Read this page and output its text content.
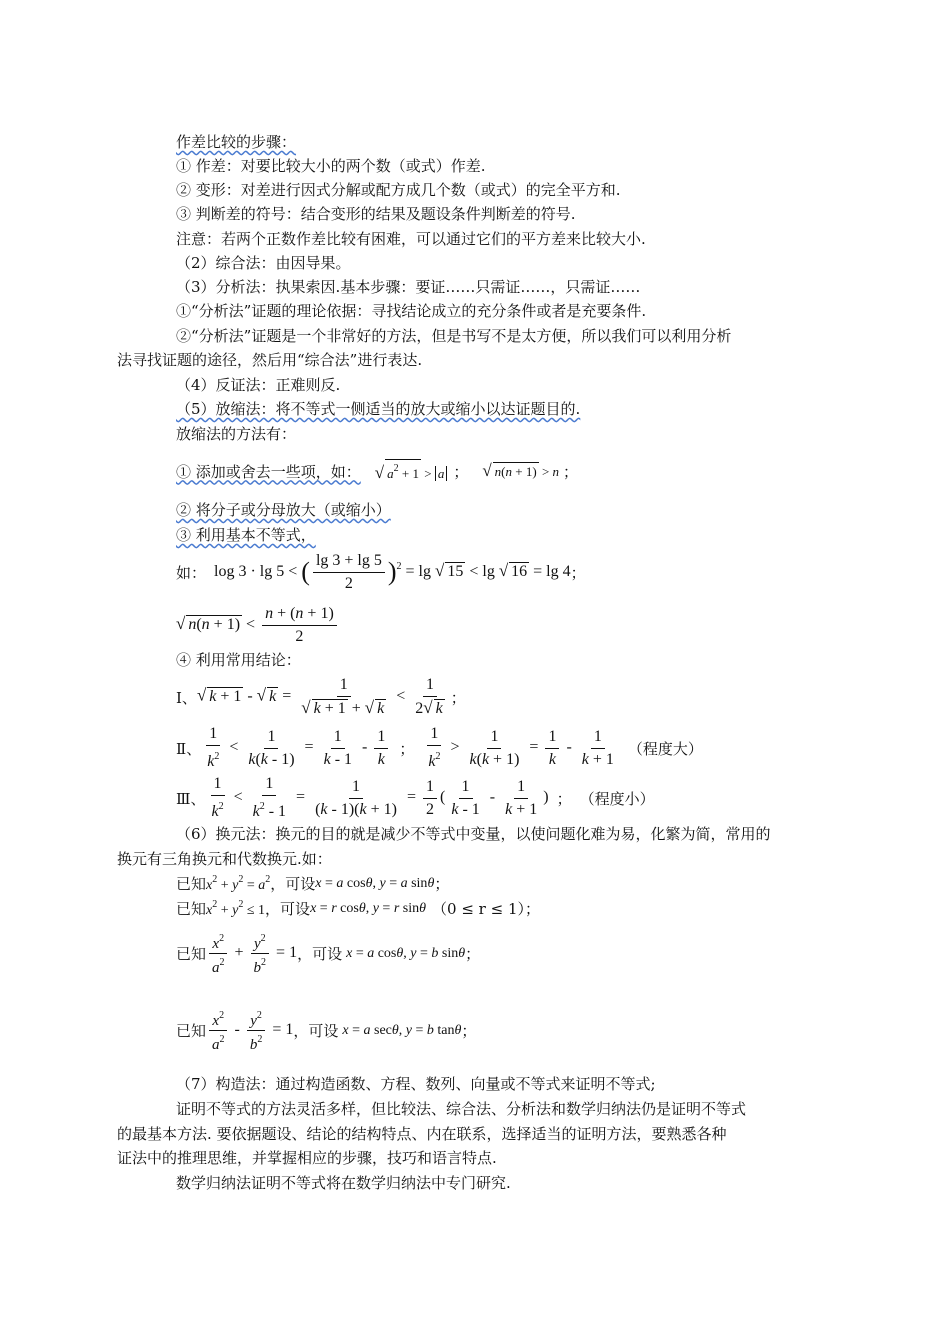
作差比较的步骤：
① 作差：对要比较大小的两个数（或式）作差.
② 变形：对差进行因式分解或配方成几个数（或式）的完全平方和.
③ 判断差的符号：结合变形的结果及题设条件判断差的符号.
注意：若两个正数作差比较有困难，可以通过它们的平方差来比较大小.
（2）综合法：由因导果。
（3）分析法：执果索因.基本步骤：要证……只需证……，只需证……
①“分析法”证题的理论依据：寻找结论成立的充分条件或者是充要条件.
②“分析法”证题是一个非常好的方法，但是书写不是太方便，所以我们可以利用分析
法寻找证题的途径，然后用“综合法”进行表达.
（4）反证法：正难则反.
（5）放缩法：将不等式一侧适当的放大或缩小以达证题目的.
放缩法的方法有：
① 添加或舍去一些项，如： √ $a^2 + 1 > a$ ； √ n(n + 1) > n ；
② 将分子或分母放大（或缩小）
③ 利用基本不等式，
如： log 3 · lg 5 < ( $\frac{\lg 3 + \lg 5}{2} )^2 = \lg$ √ 15 < lg √ 16 = lg 4 ；
√ $n(n + 1) < \frac{n + (n + 1)}{2}$
④ 利用常用结论：
Ⅰ、 √ k + 1 - √ $k = \frac{1}{√ k + 1 + √ k} < \frac{1}{2√ k}$ ；
Ⅱ、 $\frac{1}{k^2} < \frac{1}{k(k - 1)} = \frac{1}{k - 1} - \frac{1}{k}$ ； $\frac{1}{k^2} > \frac{1}{k(k + 1)} = \frac{1}{k} - \frac{1}{k + 1}$ （程度大）
Ⅲ、 $\frac{1}{k^2} < \frac{1}{k^2 - 1} = \frac{1}{(k - 1)(k + 1)} = \frac{1}{2}$ ( $\frac{1}{k - 1} - \frac{1}{k + 1}$ ) ； （程度小）
（6）换元法：换元的目的就是减少不等式中变量，以使问题化难为易，化繁为简，常用的
换元有三角换元和代数换元.如：
已知 $x^2 + y^2 = a^2$ ，可设 x = a cosθ, y = a sinθ ；
已知 $x^2 + y^2 \le 1$ ，可设 x = r cosθ, y = r sinθ （0 ≤ r ≤ 1）；
已知 $\frac{x^2}{a^2} + \frac{y^2}{b^2} = 1$ ，可设 x = a cosθ, y = b sinθ ；
已知 $\frac{x^2}{a^2} - \frac{y^2}{b^2} = 1$ ，可设 x = a secθ, y = b tanθ ；
（7）构造法：通过构造函数、方程、数列、向量或不等式来证明不等式;
证明不等式的方法灵活多样，但比较法、综合法、分析法和数学归纳法仍是证明不等式
的最基本方法. 要依据题设、结论的结构特点、内在联系，选择适当的证明方法，要熟悉各种
证法中的推理思维，并掌握相应的步骤，技巧和语言特点.
数学归纳法证明不等式将在数学归纳法中专门研究.
